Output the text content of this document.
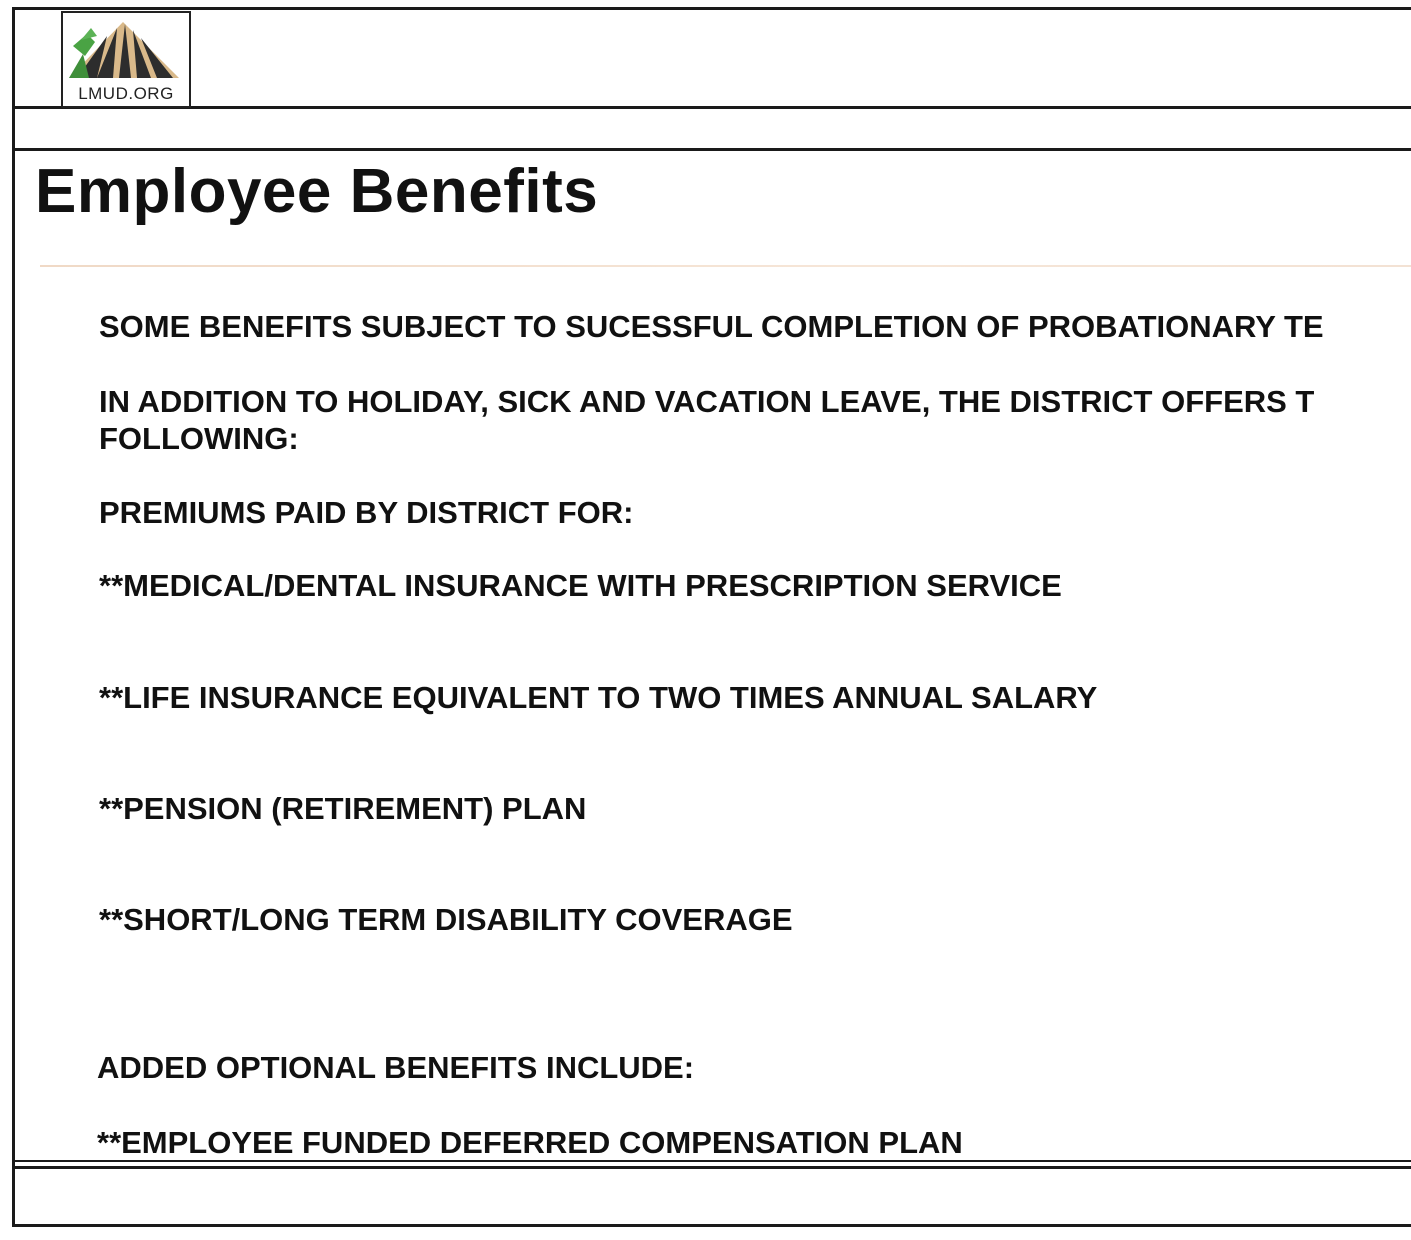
LMUD.ORG
Employee Benefits

SOME BENEFITS SUBJECT TO SUCESSFUL COMPLETION OF PROBATIONARY TE

IN ADDITION TO HOLIDAY, SICK AND VACATION LEAVE, THE DISTRICT OFFERS T

FOLLOWING:

PREMIUMS PAID BY DISTRICT FOR:

**MEDICAL/DENTAL INSURANCE WITH PRESCRIPTION SERVICE

**LIFE INSURANCE EQUIVALENT TO TWO TIMES ANNUAL SALARY

**PENSION (RETIREMENT) PLAN

**SHORT/LONG TERM DISABILITY COVERAGE

ADDED OPTIONAL BENEFITS INCLUDE:

**EMPLOYEE FUNDED DEFERRED COMPENSATION PLAN
